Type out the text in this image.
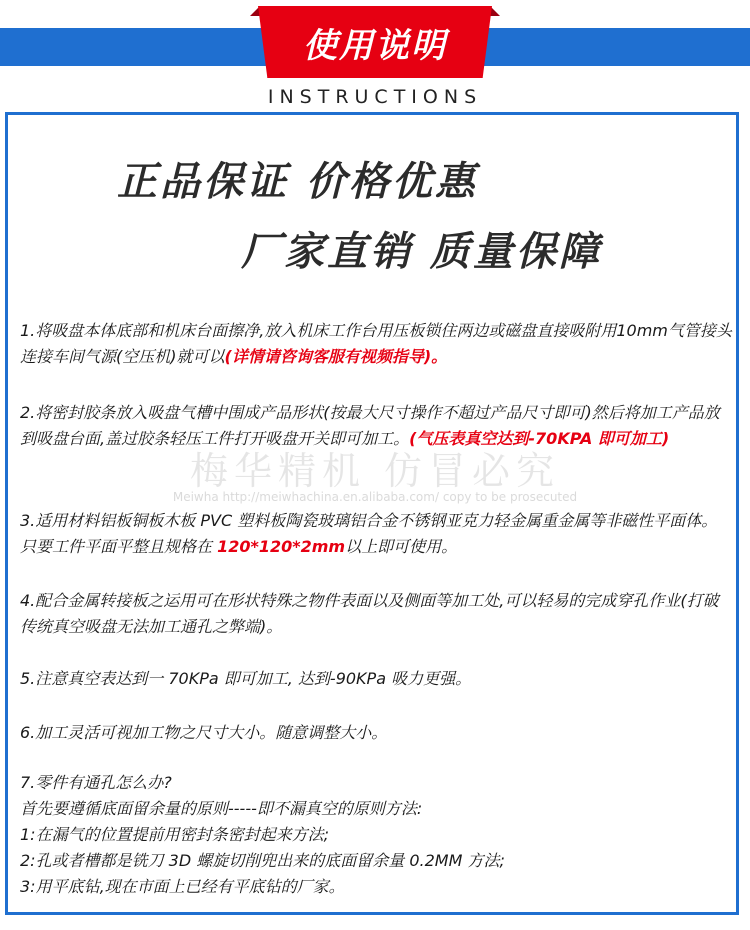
使用说明
INSTRUCTIONS
正品保证 价格优惠
厂家直销 质量保障
梅华精机 仿冒必究
Meiwha http://meiwhachina.en.alibaba.com/ copy to be prosecuted
1.将吸盘本体底部和机床台面擦净,放入机床工作台用压板锁住两边或磁盘直接吸附用10mm气管接头连接车间气源(空压机)就可以(详情请咨询客服有视频指导)。
2.将密封胶条放入吸盘气槽中围成产品形状(按最大尺寸操作不超过产品尺寸即可)然后将加工产品放到吸盘台面,盖过胶条轻压工件打开吸盘开关即可加工。(气压表真空达到-70KPA 即可加工)
3.适用材料铝板铜板木板 PVC 塑料板陶瓷玻璃铝合金不锈钢亚克力轻金属重金属等非磁性平面体。 只要工件平面平整且规格在 120*120*2mm以上即可使用。
4.配合金属转接板之运用可在形状特殊之物件表面以及侧面等加工处,可以轻易的完成穿孔作业(打破传统真空吸盘无法加工通孔之弊端)。
5.注意真空表达到一 70KPa 即可加工, 达到-90KPa 吸力更强。
6.加工灵活可视加工物之尺寸大小。随意调整大小。
7.零件有通孔怎么办?
首先要遵循底面留余量的原则-----即不漏真空的原则方法:
1:在漏气的位置提前用密封条密封起来方法;
2:孔或者槽都是铣刀 3D 螺旋切削兜出来的底面留余量 0.2MM 方法;
3:用平底钻,现在市面上已经有平底钻的厂家。
